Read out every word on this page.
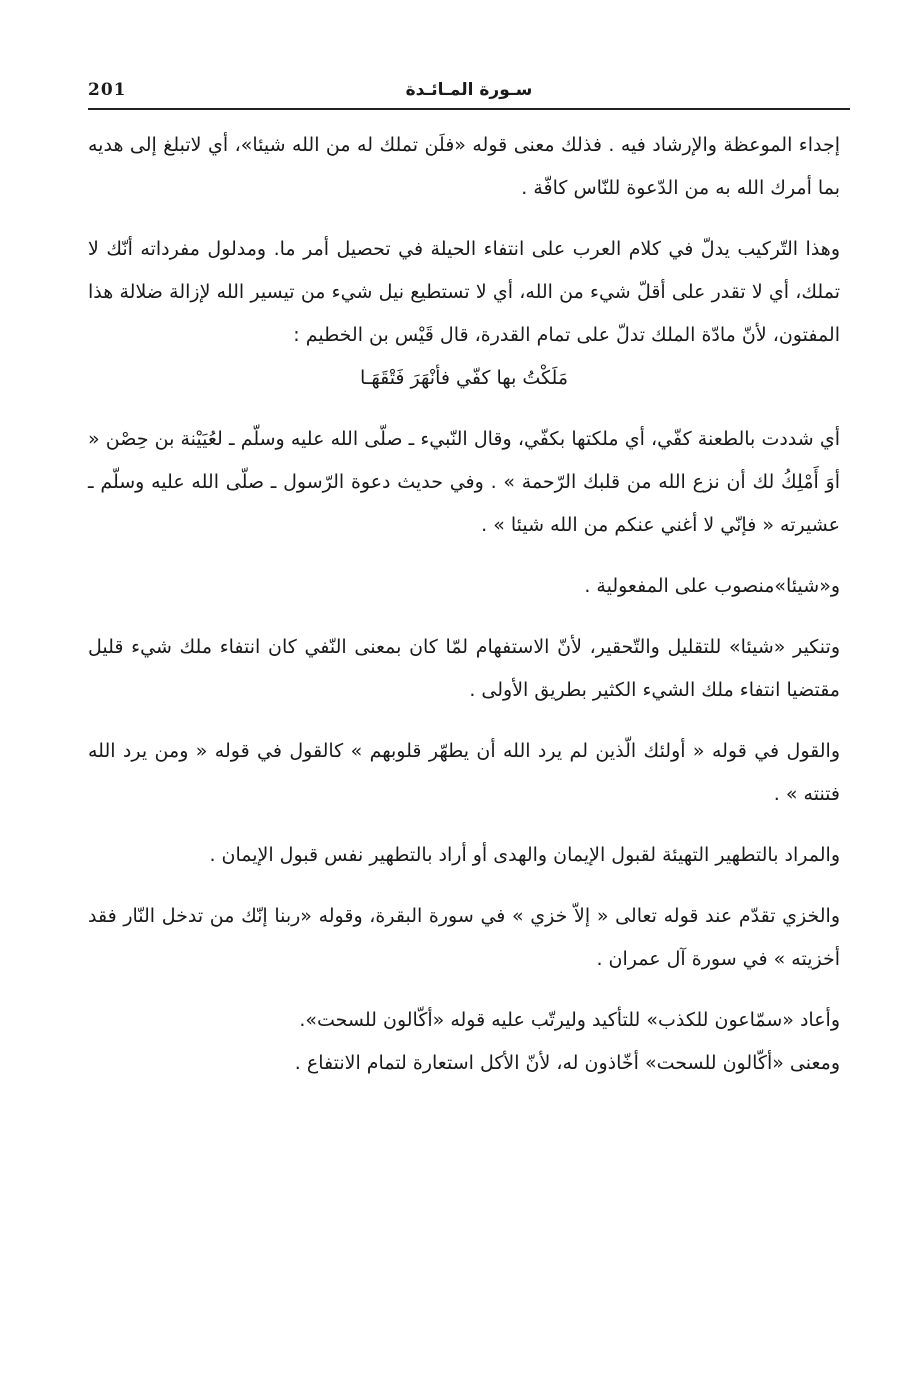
201	سـورة المـائـدة

إجداء الموعظة والإرشاد فيه . فذلك معنى قوله «فلَن تملك له من الله شيئا»، أي لاتبلغ إلى هديه بما أمرك الله به من الدّعوة للنّاس كافّة .

وهذا التّركيب يدلّ في كلام العرب على انتفاء الحيلة في تحصيل أمر ما. ومدلول مفرداته أنّك لا تملك، أي لا تقدر على أقلّ شيء من الله، أي لا تستطيع نيل شيء من تيسير الله لإزالة ضلالة هذا المفتون، لأنّ مادّة الملك تدلّ على تمام القدرة، قال قَيْس بن الخطيم :

مَلَكْتُ بها كفّي فأنْهَرَ فَتْقَهَـا

أي شددت بالطعنة كفّي، أي ملكتها بكفّي، وقال النّبيء ـ صلّى الله عليه وسلّم ـ لعُيَيْنة بن حِصْن « أوَ أَمْلِكُ لك أن نزع الله من قلبك الرّحمة » . وفي حديث دعوة الرّسول ـ صلّى الله عليه وسلّم ـ عشيرته « فإنّي لا أغني عنكم من الله شيئا » .

و«شيئا»منصوب على المفعولية .

وتنكير «شيئا» للتقليل والتّحقير، لأنّ الاستفهام لمّا كان بمعنى النّفي كان انتفاء ملك شيء قليل مقتضيا انتفاء ملك الشيء الكثير بطريق الأولى .

والقول في قوله « أولئك الّذين لم يرد الله أن يطهّر قلوبهم » كالقول في قوله « ومن يرد الله فتنته » .

والمراد بالتطهير التهيئة لقبول الإيمان والهدى أو أراد بالتطهير نفس قبول الإيمان .

والخزي تقدّم عند قوله تعالى « إلاّ خزي » في سورة البقرة، وقوله «ربنا إنّك من تدخل النّار فقد أخزيته » في سورة آل عمران .

وأعاد «سمّاعون للكذب» للتأكيد وليرتّب عليه قوله «أكّالون للسحت».

ومعنى «أكّالون للسحت» أخّاذون له، لأنّ الأكل استعارة لتمام الانتفاع .
